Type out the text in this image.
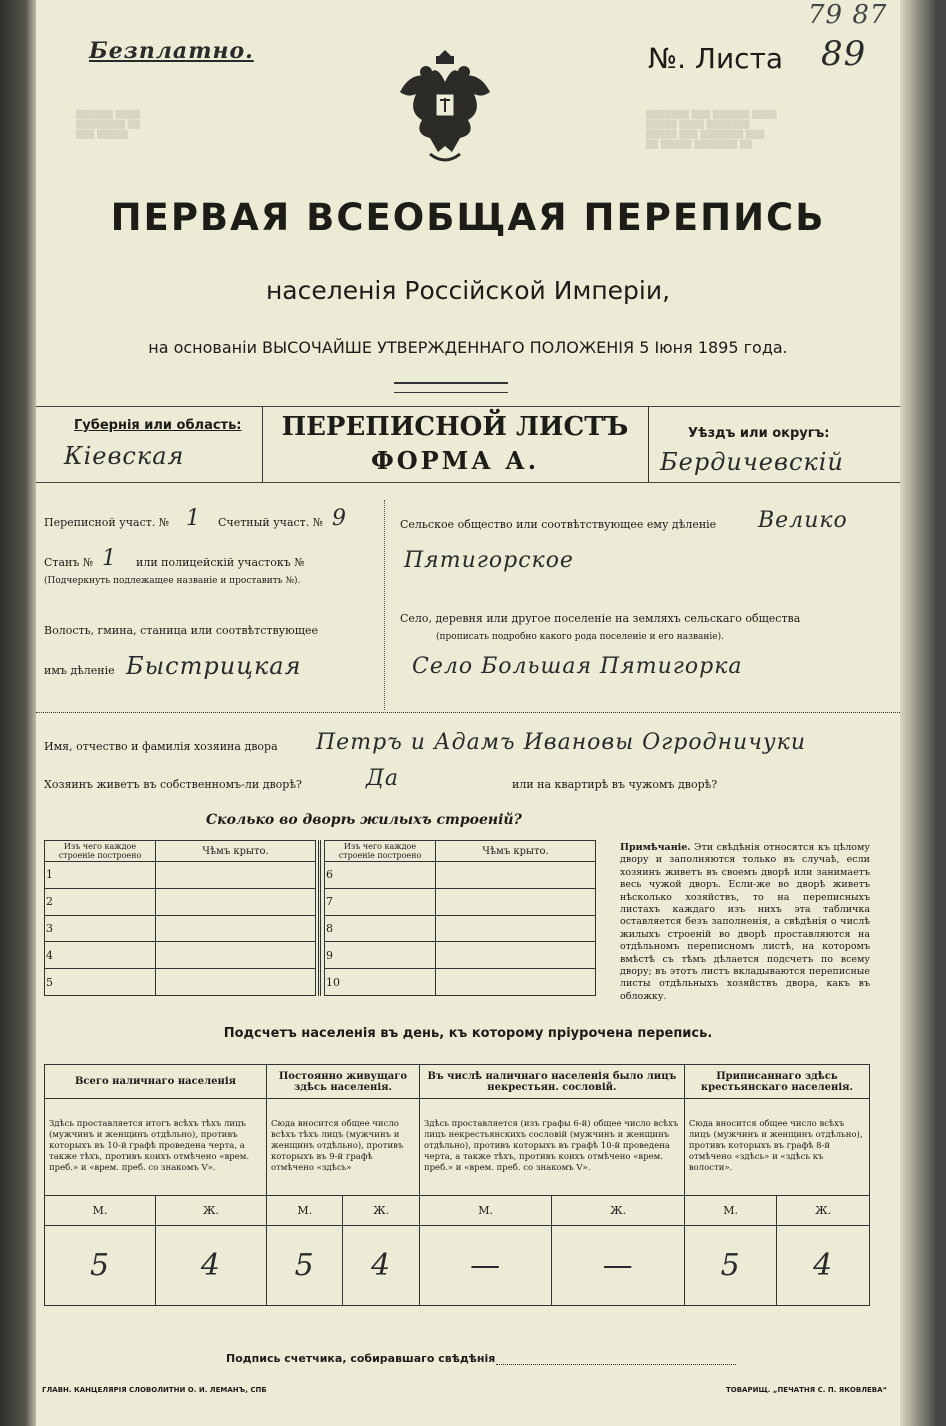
▒▒▒▒▒▒▒ ▒▒▒ ▒▒▒▒▒▒ ▒▒▒▒
▒▒▒▒▒ ▒▒▒▒ ▒▒▒▒▒▒▒
▒▒▒▒▒ ▒▒▒ ▒▒▒▒▒▒▒ ▒▒▒
▒▒ ▒▒▒▒▒ ▒▒▒▒▒▒▒ ▒▒
▒▒▒▒▒▒ ▒▒▒▒
▒▒▒▒▒▒▒▒ ▒▒
▒▒▒ ▒▒▒▒▒
Безплатно.	№. Листа 89
79 87
ПЕРВАЯ ВСЕОБЩАЯ ПЕРЕПИСЬ
населенія Россійской Имперіи,
на основаніи ВЫСОЧАЙШЕ УТВЕРЖДЕННАГО ПОЛОЖЕНІЯ 5 Іюня 1895 года.
Губернія или область:
Кіевская
ПЕРЕПИСНОЙ ЛИСТЪ
ФОРМА А.
Уѣздъ или округъ:
Бердичевскій
Переписной участ. № 1 Счетный участ. № 9
Станъ № 1 или полицейскій участокъ №
(Подчеркнуть подлежащее названіе и проставить №).
Волость, гмина, станица или соотвѣтствующее
имъ дѣленіе Быстрицкая
Сельское общество или соотвѣтствующее ему дѣленіе Велико
Пятигорское
Село, деревня или другое поселеніе на земляхъ сельскаго общества
(прописать подробно какого рода поселеніе и его названіе).
Село Большая Пятигорка
Имя, отчество и фамилія хозяина двора Петръ и Адамъ Ивановы Огродничуки
Хозяинъ живетъ въ собственномъ-ли дворѣ?	Да	или на квартирѣ въ чужомъ дворѣ?
Сколько во дворѣ жилыхъ строеній?
Изъ чего каждое строеніе построено	Чѣмъ крыто.
1	
2	
3	
4	
5	
Изъ чего каждое строеніе построено	Чѣмъ крыто.
6	
7	
8	
9	
10	
Примѣчаніе. Эти свѣдѣнія относятся къ цѣлому двору и заполняются только въ случаѣ, если хозяинъ живетъ въ своемъ дворѣ или занимаетъ весь чужой дворъ. Если-же во дворѣ живетъ нѣсколько хозяйствъ, то на переписныхъ листахъ каждаго изъ нихъ эта табличка оставляется безъ заполненія, а свѣдѣнія о числѣ жилыхъ строеній во дворѣ проставляются на отдѣльномъ переписномъ листѣ, на которомъ вмѣстѣ съ тѣмъ дѣлается подсчетъ по всему двору; въ этотъ листъ вкладываются переписные листы отдѣльныхъ хозяйствъ двора, какъ въ обложку.
Подсчетъ населенія въ день, къ которому пріурочена перепись.
Всего наличнаго населенія		Постоянно живущаго здѣсь населенія.		Въ числѣ наличнаго населенія было лицъ некрестьян. сословій.		Приписаннаго здѣсь крестьянскаго населенія.	
Здѣсь проставляется итогъ всѣхъ тѣхъ лицъ (мужчинъ и женщинъ отдѣльно), противъ которыхъ въ 10-й графѣ проведена черта, а также тѣхъ, противъ коихъ отмѣчено «врем. преб.» и «врем. преб. со знакомъ V».		Сюда вносится общее число всѣхъ тѣхъ лицъ (мужчинъ и женщинъ отдѣльно), противъ которыхъ въ 9-й графѣ отмѣчено «здѣсь»		Здѣсь проставляется (изъ графы 6-й) общее число всѣхъ лицъ некрестьянскихъ сословій (мужчинъ и женщинъ отдѣльно), противъ которыхъ въ графѣ 10-й проведена черта, а также тѣхъ, противъ коихъ отмѣчено «врем. преб.» и «врем. преб. со знакомъ V».		Сюда вносится общее число всѣхъ лицъ (мужчинъ и женщинъ отдѣльно), противъ которыхъ въ графѣ 8-й отмѣчено «здѣсь» и «здѣсь къ волости».	
М.	Ж.	М.	Ж.	М.	Ж.	М.	Ж.
5	4	5	4	—	—	5	4
Подпись счетчика, собиравшаго свѣдѣнія
ГЛАВН. КАНЦЕЛЯРІЯ СЛОВОЛИТНИ О. И. ЛЕМАНЪ, СПБ	ТОВАРИЩ. „ПЕЧАТНЯ С. П. ЯКОВЛЕВА“
